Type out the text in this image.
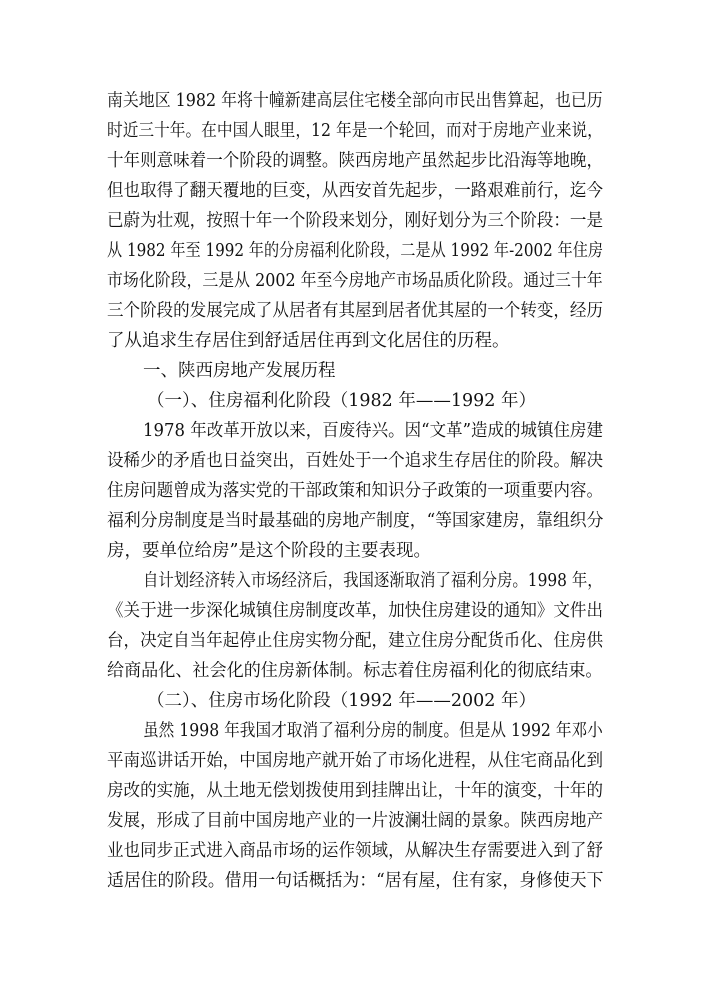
南关地区 1982 年将十幢新建高层住宅楼全部向市民出售算起，也已历
时近三十年。在中国人眼里，12 年是一个轮回，而对于房地产业来说，
十年则意味着一个阶段的调整。陕西房地产虽然起步比沿海等地晚，
但也取得了翻天覆地的巨变，从西安首先起步，一路艰难前行，迄今
已蔚为壮观，按照十年一个阶段来划分，刚好划分为三个阶段：一是
从 1982 年至 1992 年的分房福利化阶段，二是从 1992 年-2002 年住房
市场化阶段，三是从 2002 年至今房地产市场品质化阶段。通过三十年
三个阶段的发展完成了从居者有其屋到居者优其屋的一个转变，经历
了从追求生存居住到舒适居住再到文化居住的历程。
一、陕西房地产发展历程
（一）、住房福利化阶段（1982 年——1992 年）
1978 年改革开放以来，百废待兴。因“文革”造成的城镇住房建
设稀少的矛盾也日益突出，百姓处于一个追求生存居住的阶段。解决
住房问题曾成为落实党的干部政策和知识分子政策的一项重要内容。
福利分房制度是当时最基础的房地产制度，“等国家建房，靠组织分
房，要单位给房”是这个阶段的主要表现。
自计划经济转入市场经济后，我国逐渐取消了福利分房。1998 年，
《关于进一步深化城镇住房制度改革，加快住房建设的通知》文件出
台，决定自当年起停止住房实物分配，建立住房分配货币化、住房供
给商品化、社会化的住房新体制。标志着住房福利化的彻底结束。
（二）、住房市场化阶段（1992 年——2002 年）
虽然 1998 年我国才取消了福利分房的制度。但是从 1992 年邓小
平南巡讲话开始，中国房地产就开始了市场化进程，从住宅商品化到
房改的实施，从土地无偿划拨使用到挂牌出让，十年的演变，十年的
发展，形成了目前中国房地产业的一片波澜壮阔的景象。陕西房地产
业也同步正式进入商品市场的运作领域，从解决生存需要进入到了舒
适居住的阶段。借用一句话概括为：“居有屋，住有家，身修使天下
